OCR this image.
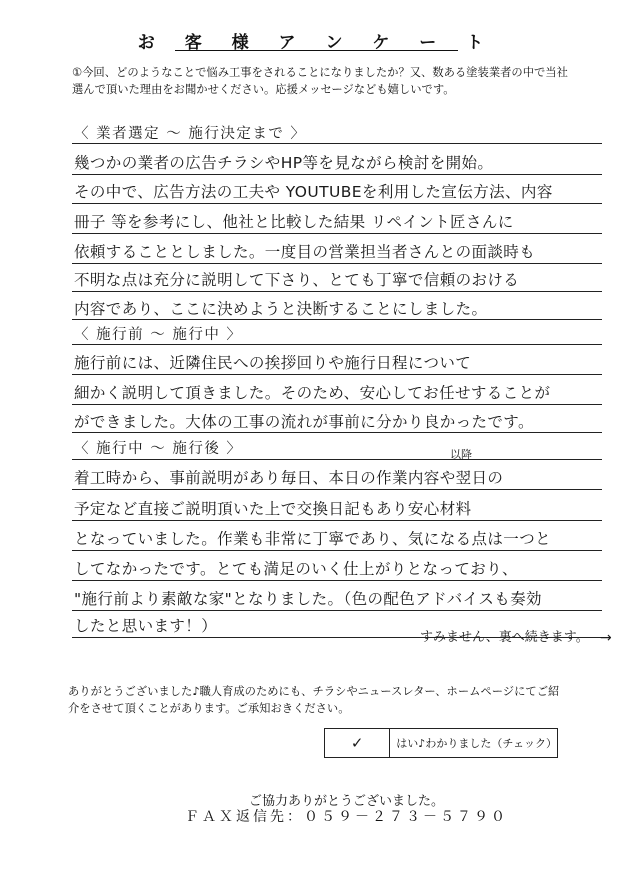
お 客 様 ア ン ケ ー ト
①今回、どのようなことで悩み工事をされることになりましたか？又、数ある塗装業者の中で当社選んで頂いた理由をお聞かせください。応援メッセージなども嬉しいです。
〈 業者選定 ～ 施行決定まで 〉
幾つかの業者の広告チラシやHP等を見ながら検討を開始。
その中で、広告方法の工夫や YOUTUBEを利用した宣伝方法、内容
冊子 等を参考にし、他社と比較した結果 リペイント匠さんに
依頼することとしました。一度目の営業担当者さんとの面談時も
不明な点は充分に説明して下さり、とても丁寧で信頼のおける
内容であり、ここに決めようと決断することにしました。
〈 施行前 ～ 施行中 〉
施行前には、近隣住民への挨拶回りや施行日程について
細かく説明して頂きました。そのため、安心してお任せすることが
ができました。大体の工事の流れが事前に分かり良かったです。
〈 施行中 ～ 施行後 〉	以降
着工時から、事前説明があり毎日、本日の作業内容や翌日の
予定など直接ご説明頂いた上で交換日記もあり安心材料
となっていました。作業も非常に丁寧であり、気になる点は一つと
してなかったです。とても満足のいく仕上がりとなっており、
"施行前より素敵な家"となりました。（色の配色アドバイスも奏効
したと思います！）
すみません、裏へ続きます。 →
ありがとうございました♪職人育成のためにも、チラシやニュースレター、ホームページにてご紹介をさせて頂くことがあります。ご承知おきください。
✓	はい♪わかりました（チェック）
ご協力ありがとうございました。
ＦＡＸ返信先：０５９－２７３－５７９０
